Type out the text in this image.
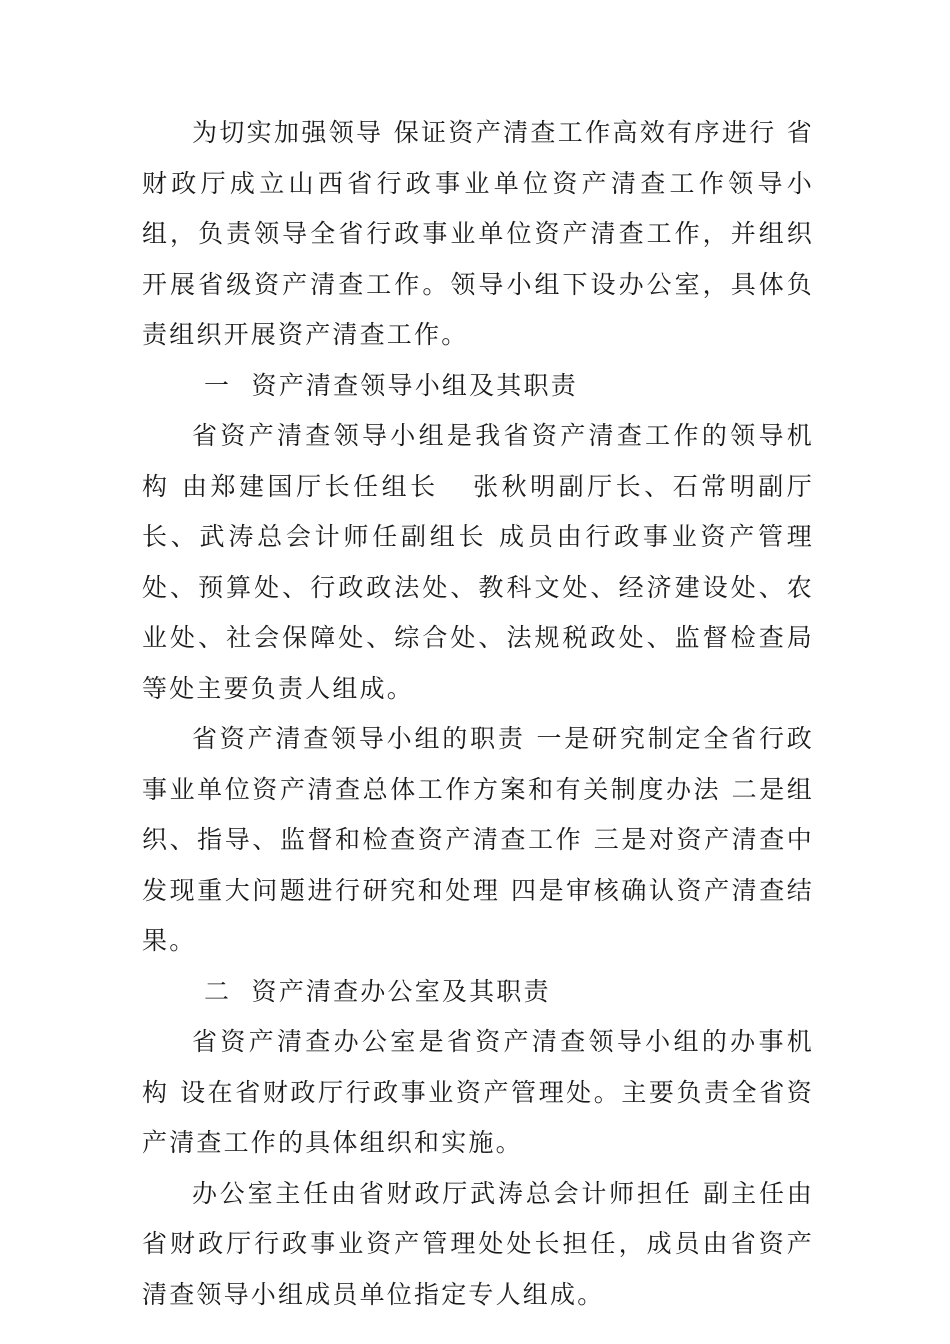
为切实加强领导 保证资产清查工作高效有序进行 省财政厅成立山西省行政事业单位资产清查工作领导小组，负责领导全省行政事业单位资产清查工作，并组织开展省级资产清查工作。领导小组下设办公室，具体负责组织开展资产清查工作。

一  资产清查领导小组及其职责

省资产清查领导小组是我省资产清查工作的领导机构 由郑建国厅长任组长   张秋明副厅长、石常明副厅长、武涛总会计师任副组长 成员由行政事业资产管理处、预算处、行政政法处、教科文处、经济建设处、农业处、社会保障处、综合处、法规税政处、监督检查局等处主要负责人组成。

省资产清查领导小组的职责 一是研究制定全省行政事业单位资产清查总体工作方案和有关制度办法 二是组织、指导、监督和检查资产清查工作 三是对资产清查中发现重大问题进行研究和处理 四是审核确认资产清查结果。

二  资产清查办公室及其职责

省资产清查办公室是省资产清查领导小组的办事机构 设在省财政厅行政事业资产管理处。主要负责全省资产清查工作的具体组织和实施。

办公室主任由省财政厅武涛总会计师担任 副主任由省财政厅行政事业资产管理处处长担任，成员由省资产清查领导小组成员单位指定专人组成。
